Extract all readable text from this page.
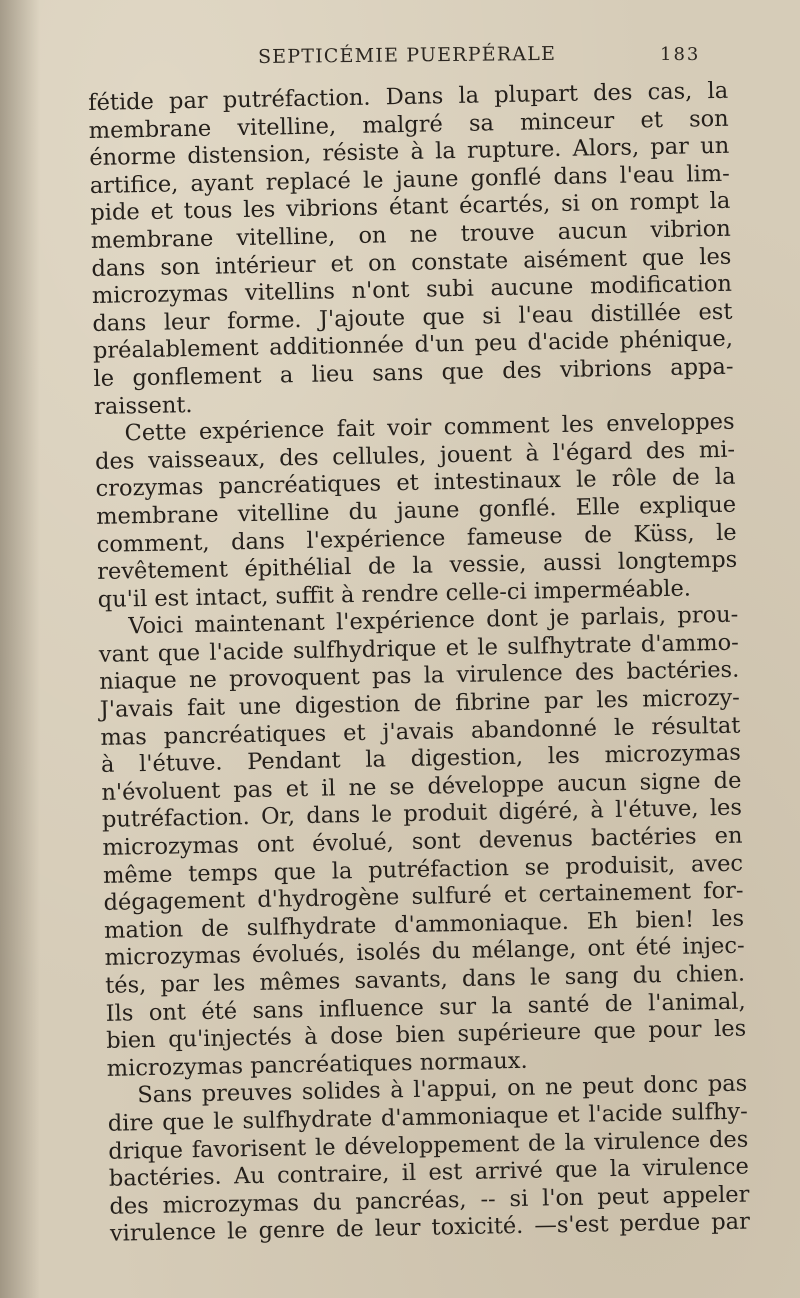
SEPTICÉMIE PUERPÉRALE	183
fétide par putréfaction. Dans la plupart des cas, la
membrane vitelline, malgré sa minceur et son
énorme distension, résiste à la rupture. Alors, par un
artifice, ayant replacé le jaune gonflé dans l'eau lim-
pide et tous les vibrions étant écartés, si on rompt la
membrane vitelline, on ne trouve aucun vibrion
dans son intérieur et on constate aisément que les
microzymas vitellins n'ont subi aucune modification
dans leur forme. J'ajoute que si l'eau distillée est
préalablement additionnée d'un peu d'acide phénique,
le gonflement a lieu sans que des vibrions appa-
raissent.
Cette expérience fait voir comment les enveloppes
des vaisseaux, des cellules, jouent à l'égard des mi-
crozymas pancréatiques et intestinaux le rôle de la
membrane vitelline du jaune gonflé. Elle explique
comment, dans l'expérience fameuse de Küss, le
revêtement épithélial de la vessie, aussi longtemps
qu'il est intact, suffit à rendre celle-ci imperméable.
Voici maintenant l'expérience dont je parlais, prou-
vant que l'acide sulfhydrique et le sulfhytrate d'ammo-
niaque ne provoquent pas la virulence des bactéries.
J'avais fait une digestion de fibrine par les microzy-
mas pancréatiques et j'avais abandonné le résultat
à l'étuve. Pendant la digestion, les microzymas
n'évoluent pas et il ne se développe aucun signe de
putréfaction. Or, dans le produit digéré, à l'étuve, les
microzymas ont évolué, sont devenus bactéries en
même temps que la putréfaction se produisit, avec
dégagement d'hydrogène sulfuré et certainement for-
mation de sulfhydrate d'ammoniaque. Eh bien! les
microzymas évolués, isolés du mélange, ont été injec-
tés, par les mêmes savants, dans le sang du chien.
Ils ont été sans influence sur la santé de l'animal,
bien qu'injectés à dose bien supérieure que pour les
microzymas pancréatiques normaux.
Sans preuves solides à l'appui, on ne peut donc pas
dire que le sulfhydrate d'ammoniaque et l'acide sulfhy-
drique favorisent le développement de la virulence des
bactéries. Au contraire, il est arrivé que la virulence
des microzymas du pancréas, -- si l'on peut appeler
virulence le genre de leur toxicité. —s'est perdue par
